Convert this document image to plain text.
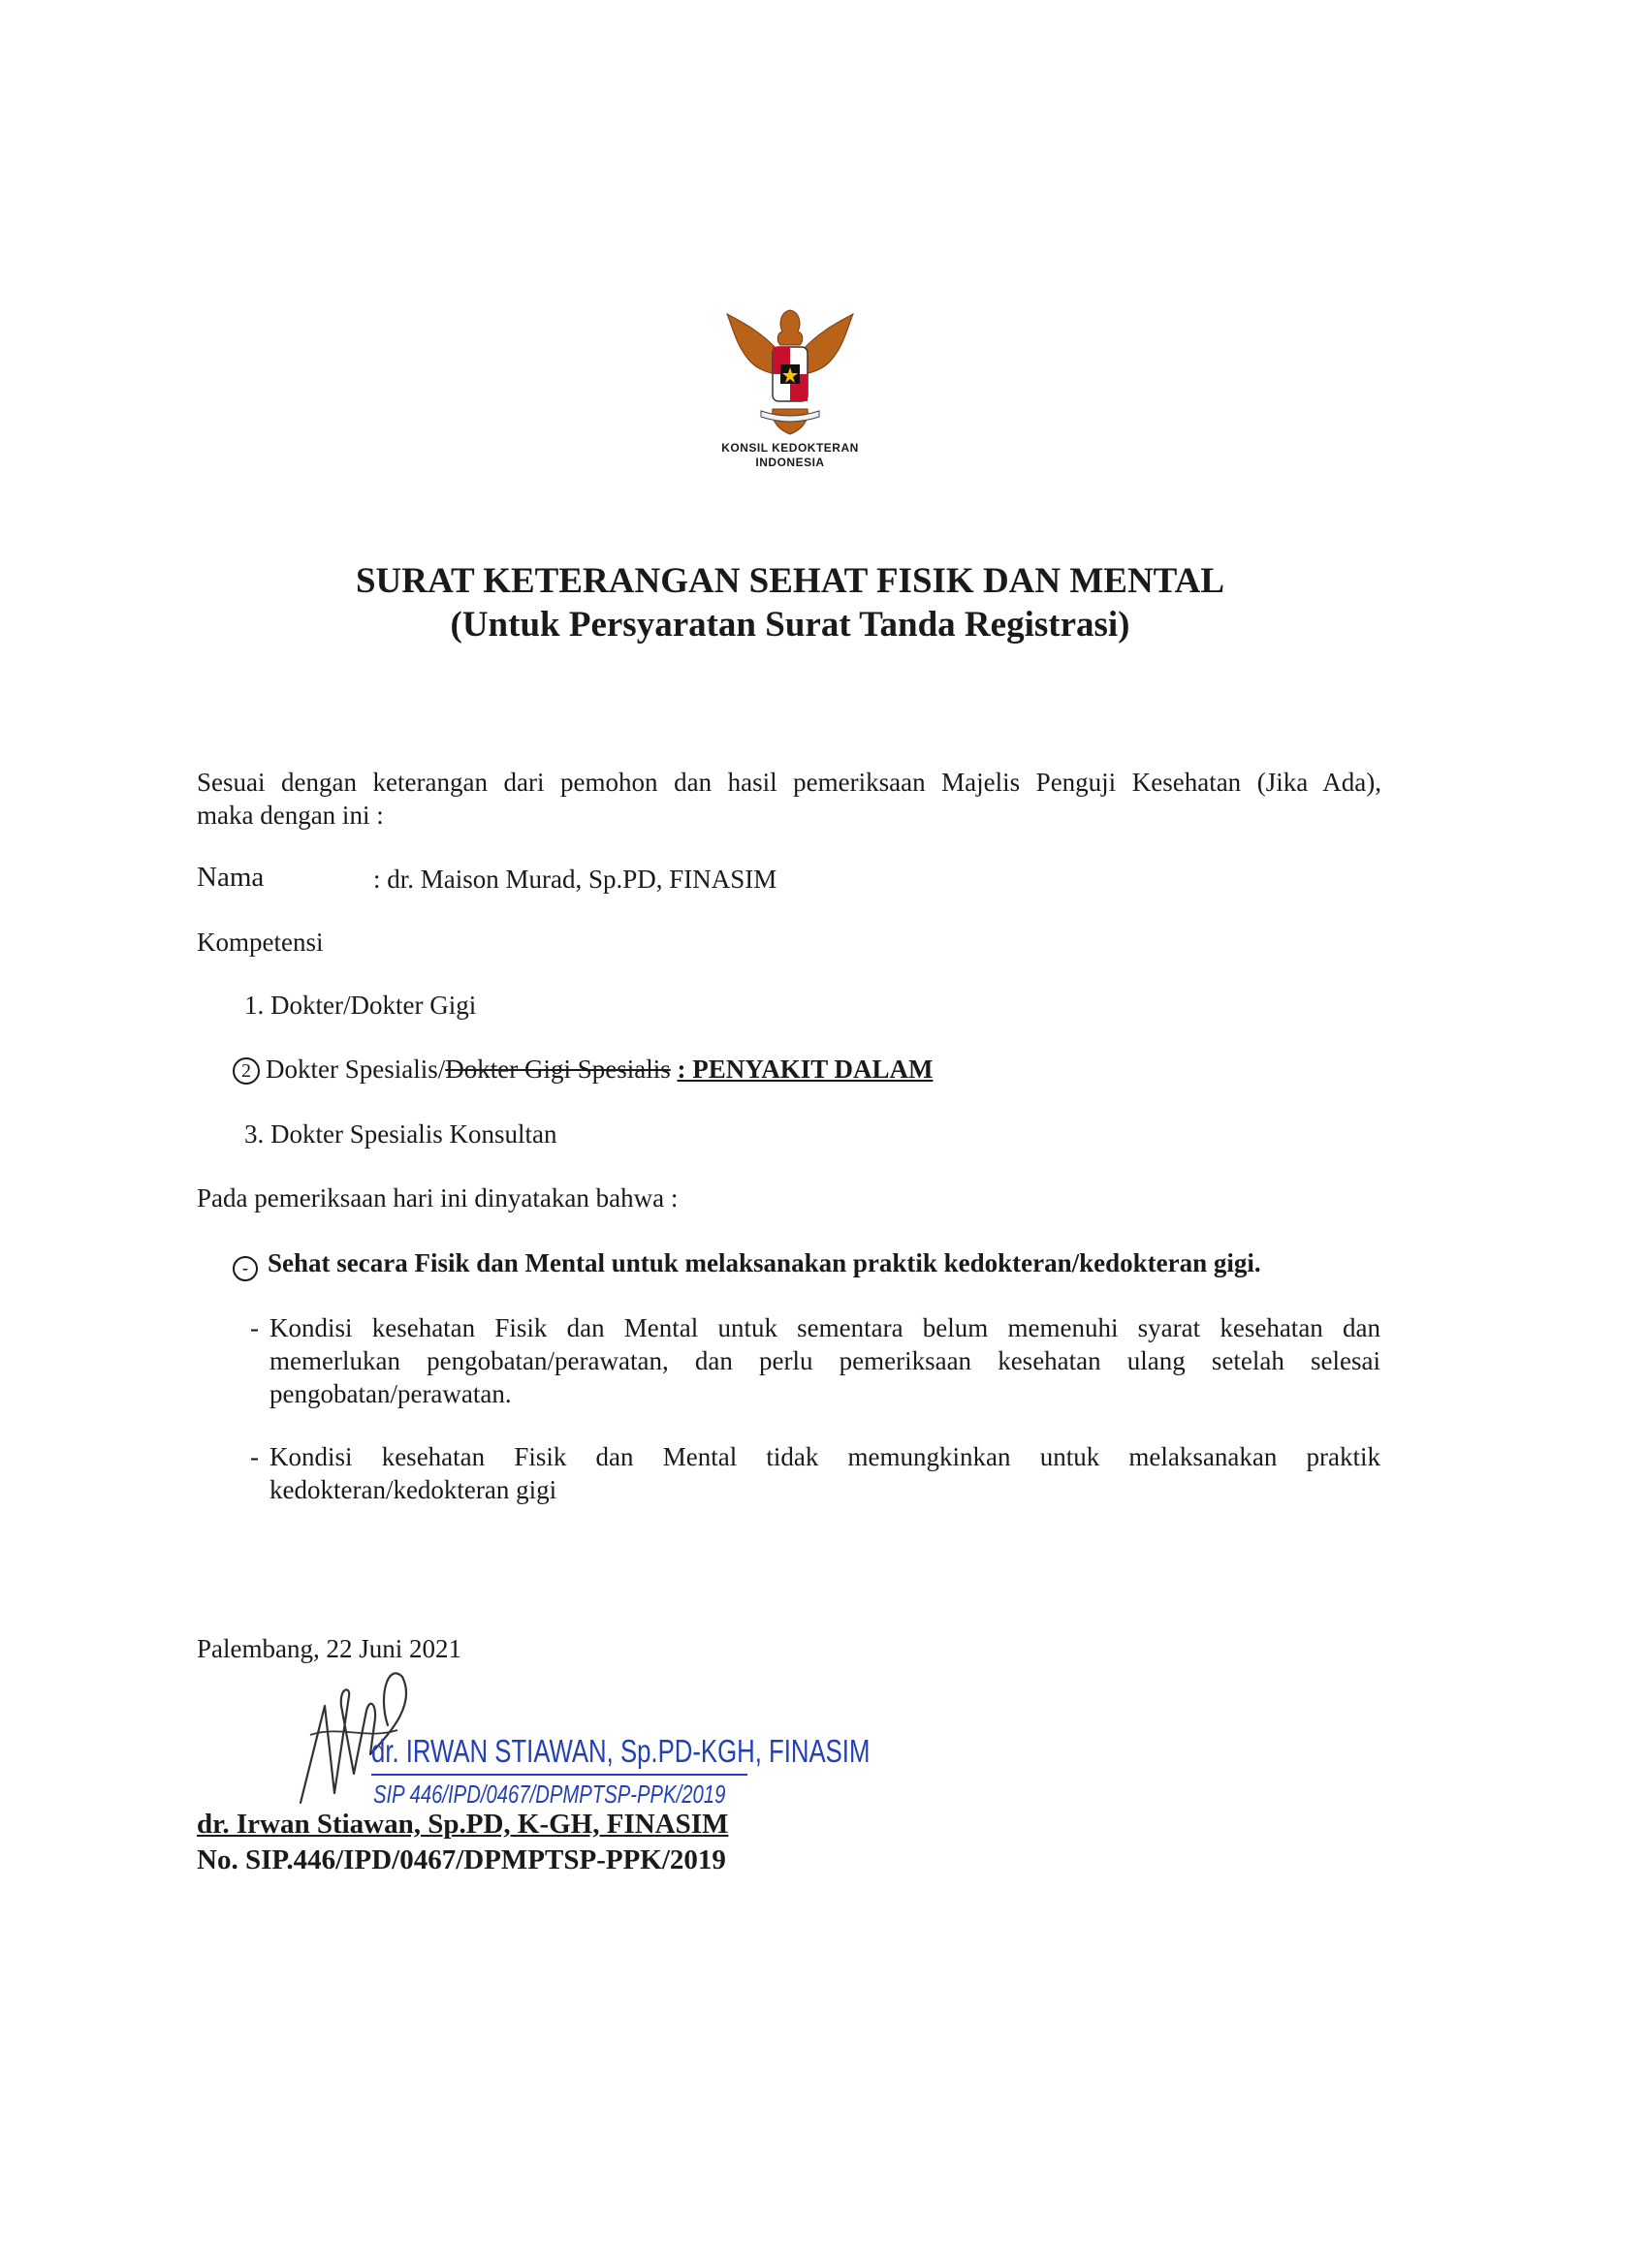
KONSIL KEDOKTERAN
INDONESIA
SURAT KETERANGAN SEHAT FISIK DAN MENTAL
(Untuk Persyaratan Surat Tanda Registrasi)
Sesuai dengan keterangan dari pemohon dan hasil pemeriksaan Majelis Penguji Kesehatan (Jika Ada),
maka dengan ini :
Nama	: dr. Maison Murad, Sp.PD, FINASIM
Kompetensi
1. Dokter/Dokter Gigi
2 Dokter Spesialis/Dokter Gigi Spesialis : PENYAKIT DALAM
3. Dokter Spesialis Konsultan
Pada pemeriksaan hari ini dinyatakan bahwa :
- Sehat secara Fisik dan Mental untuk melaksanakan praktik kedokteran/kedokteran gigi.
- Kondisi kesehatan Fisik dan Mental untuk sementara belum memenuhi syarat kesehatan dan
memerlukan pengobatan/perawatan, dan perlu pemeriksaan kesehatan ulang setelah selesai
pengobatan/perawatan.
- Kondisi kesehatan Fisik dan Mental tidak memungkinkan untuk melaksanakan praktik
kedokteran/kedokteran gigi
Palembang, 22 Juni 2021
dr. IRWAN STIAWAN, Sp.PD-KGH, FINASIM
SIP 446/IPD/0467/DPMPTSP-PPK/2019
dr. Irwan Stiawan, Sp.PD, K-GH, FINASIM
No. SIP.446/IPD/0467/DPMPTSP-PPK/2019
